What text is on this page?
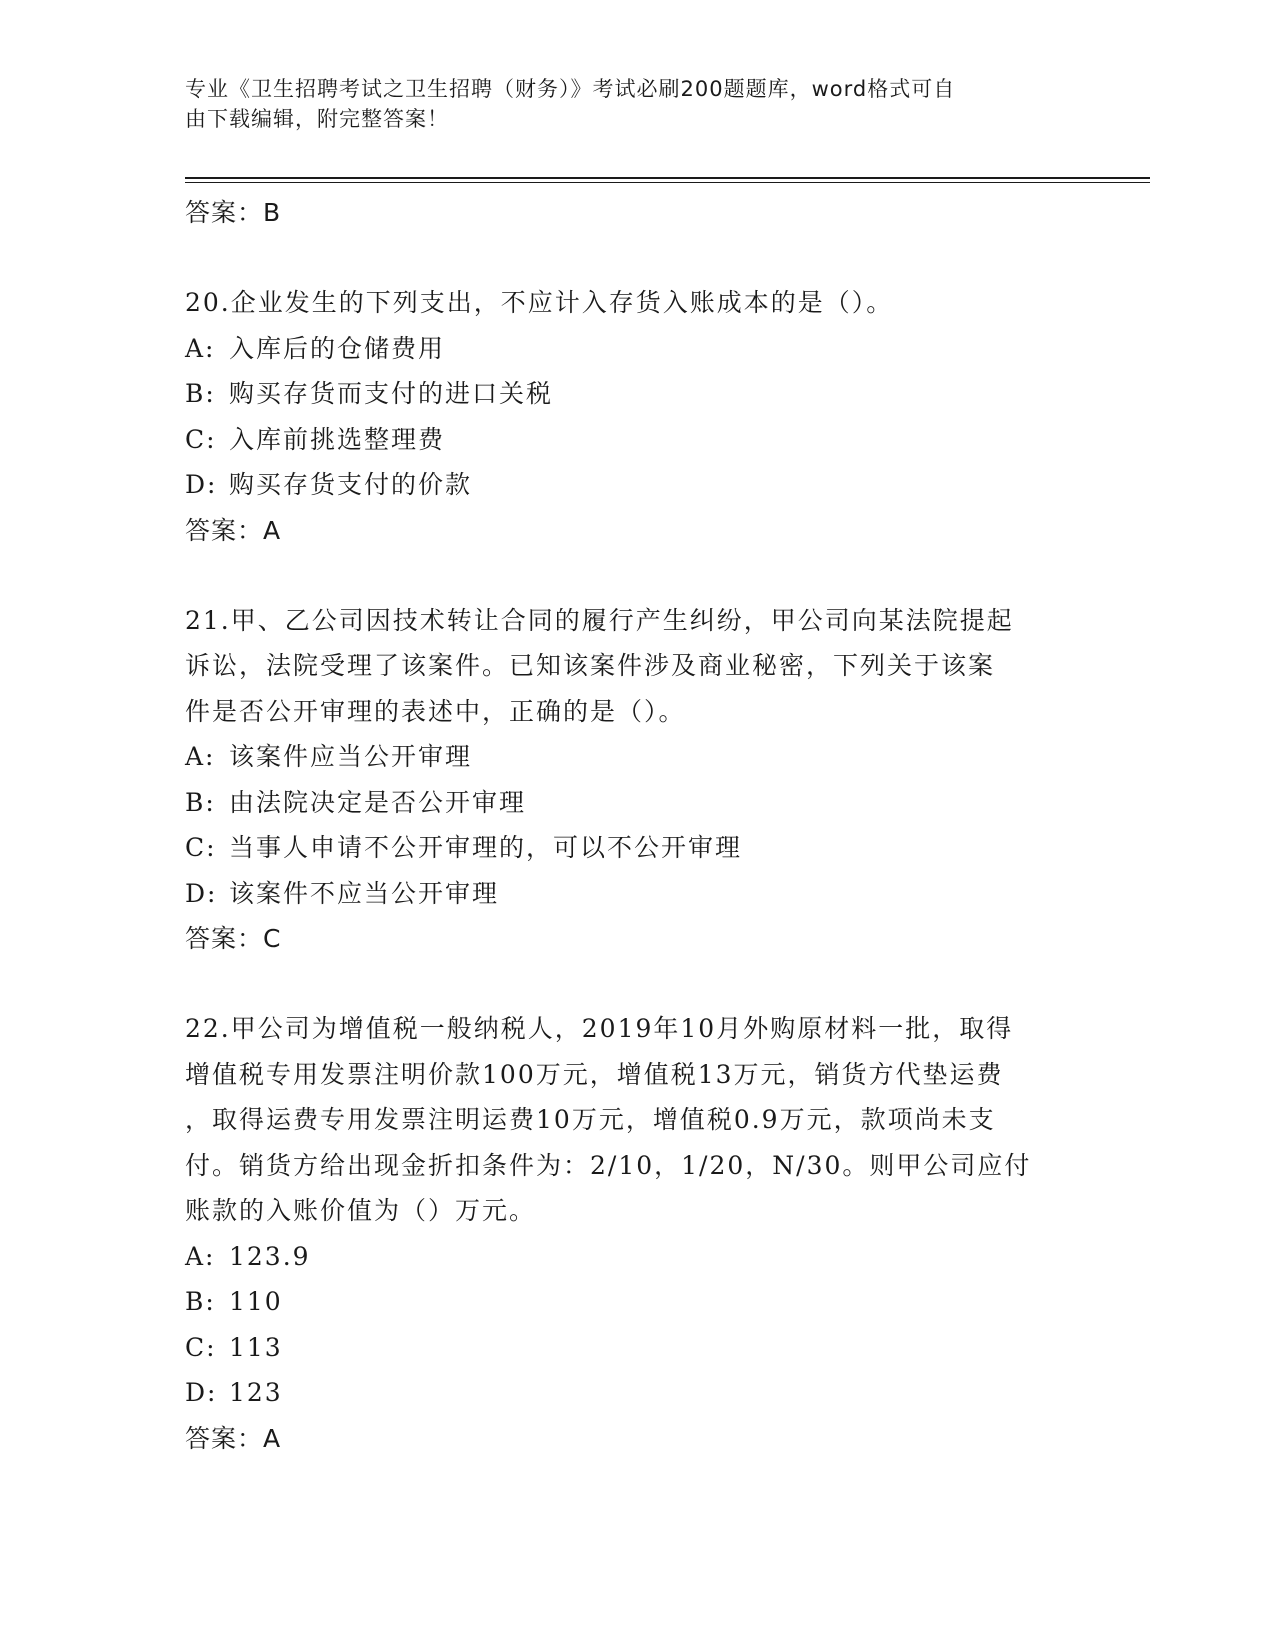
专业《卫生招聘考试之卫生招聘（财务）》考试必刷200题题库，word格式可自
由下载编辑，附完整答案！
答案：B
20.企业发生的下列支出，不应计入存货入账成本的是（）。
A: 入库后的仓储费用
B: 购买存货而支付的进口关税
C: 入库前挑选整理费
D: 购买存货支付的价款
答案：A
21.甲、乙公司因技术转让合同的履行产生纠纷，甲公司向某法院提起
诉讼，法院受理了该案件。已知该案件涉及商业秘密，下列关于该案
件是否公开审理的表述中，正确的是（）。
A: 该案件应当公开审理
B: 由法院决定是否公开审理
C: 当事人申请不公开审理的，可以不公开审理
D: 该案件不应当公开审理
答案：C
22.甲公司为增值税一般纳税人，2019年10月外购原材料一批，取得
增值税专用发票注明价款100万元，增值税13万元，销货方代垫运费
，取得运费专用发票注明运费10万元，增值税0.9万元，款项尚未支
付。销货方给出现金折扣条件为：2/10，1/20，N/30。则甲公司应付
账款的入账价值为（）万元。
A: 123.9
B: 110
C: 113
D: 123
答案：A
